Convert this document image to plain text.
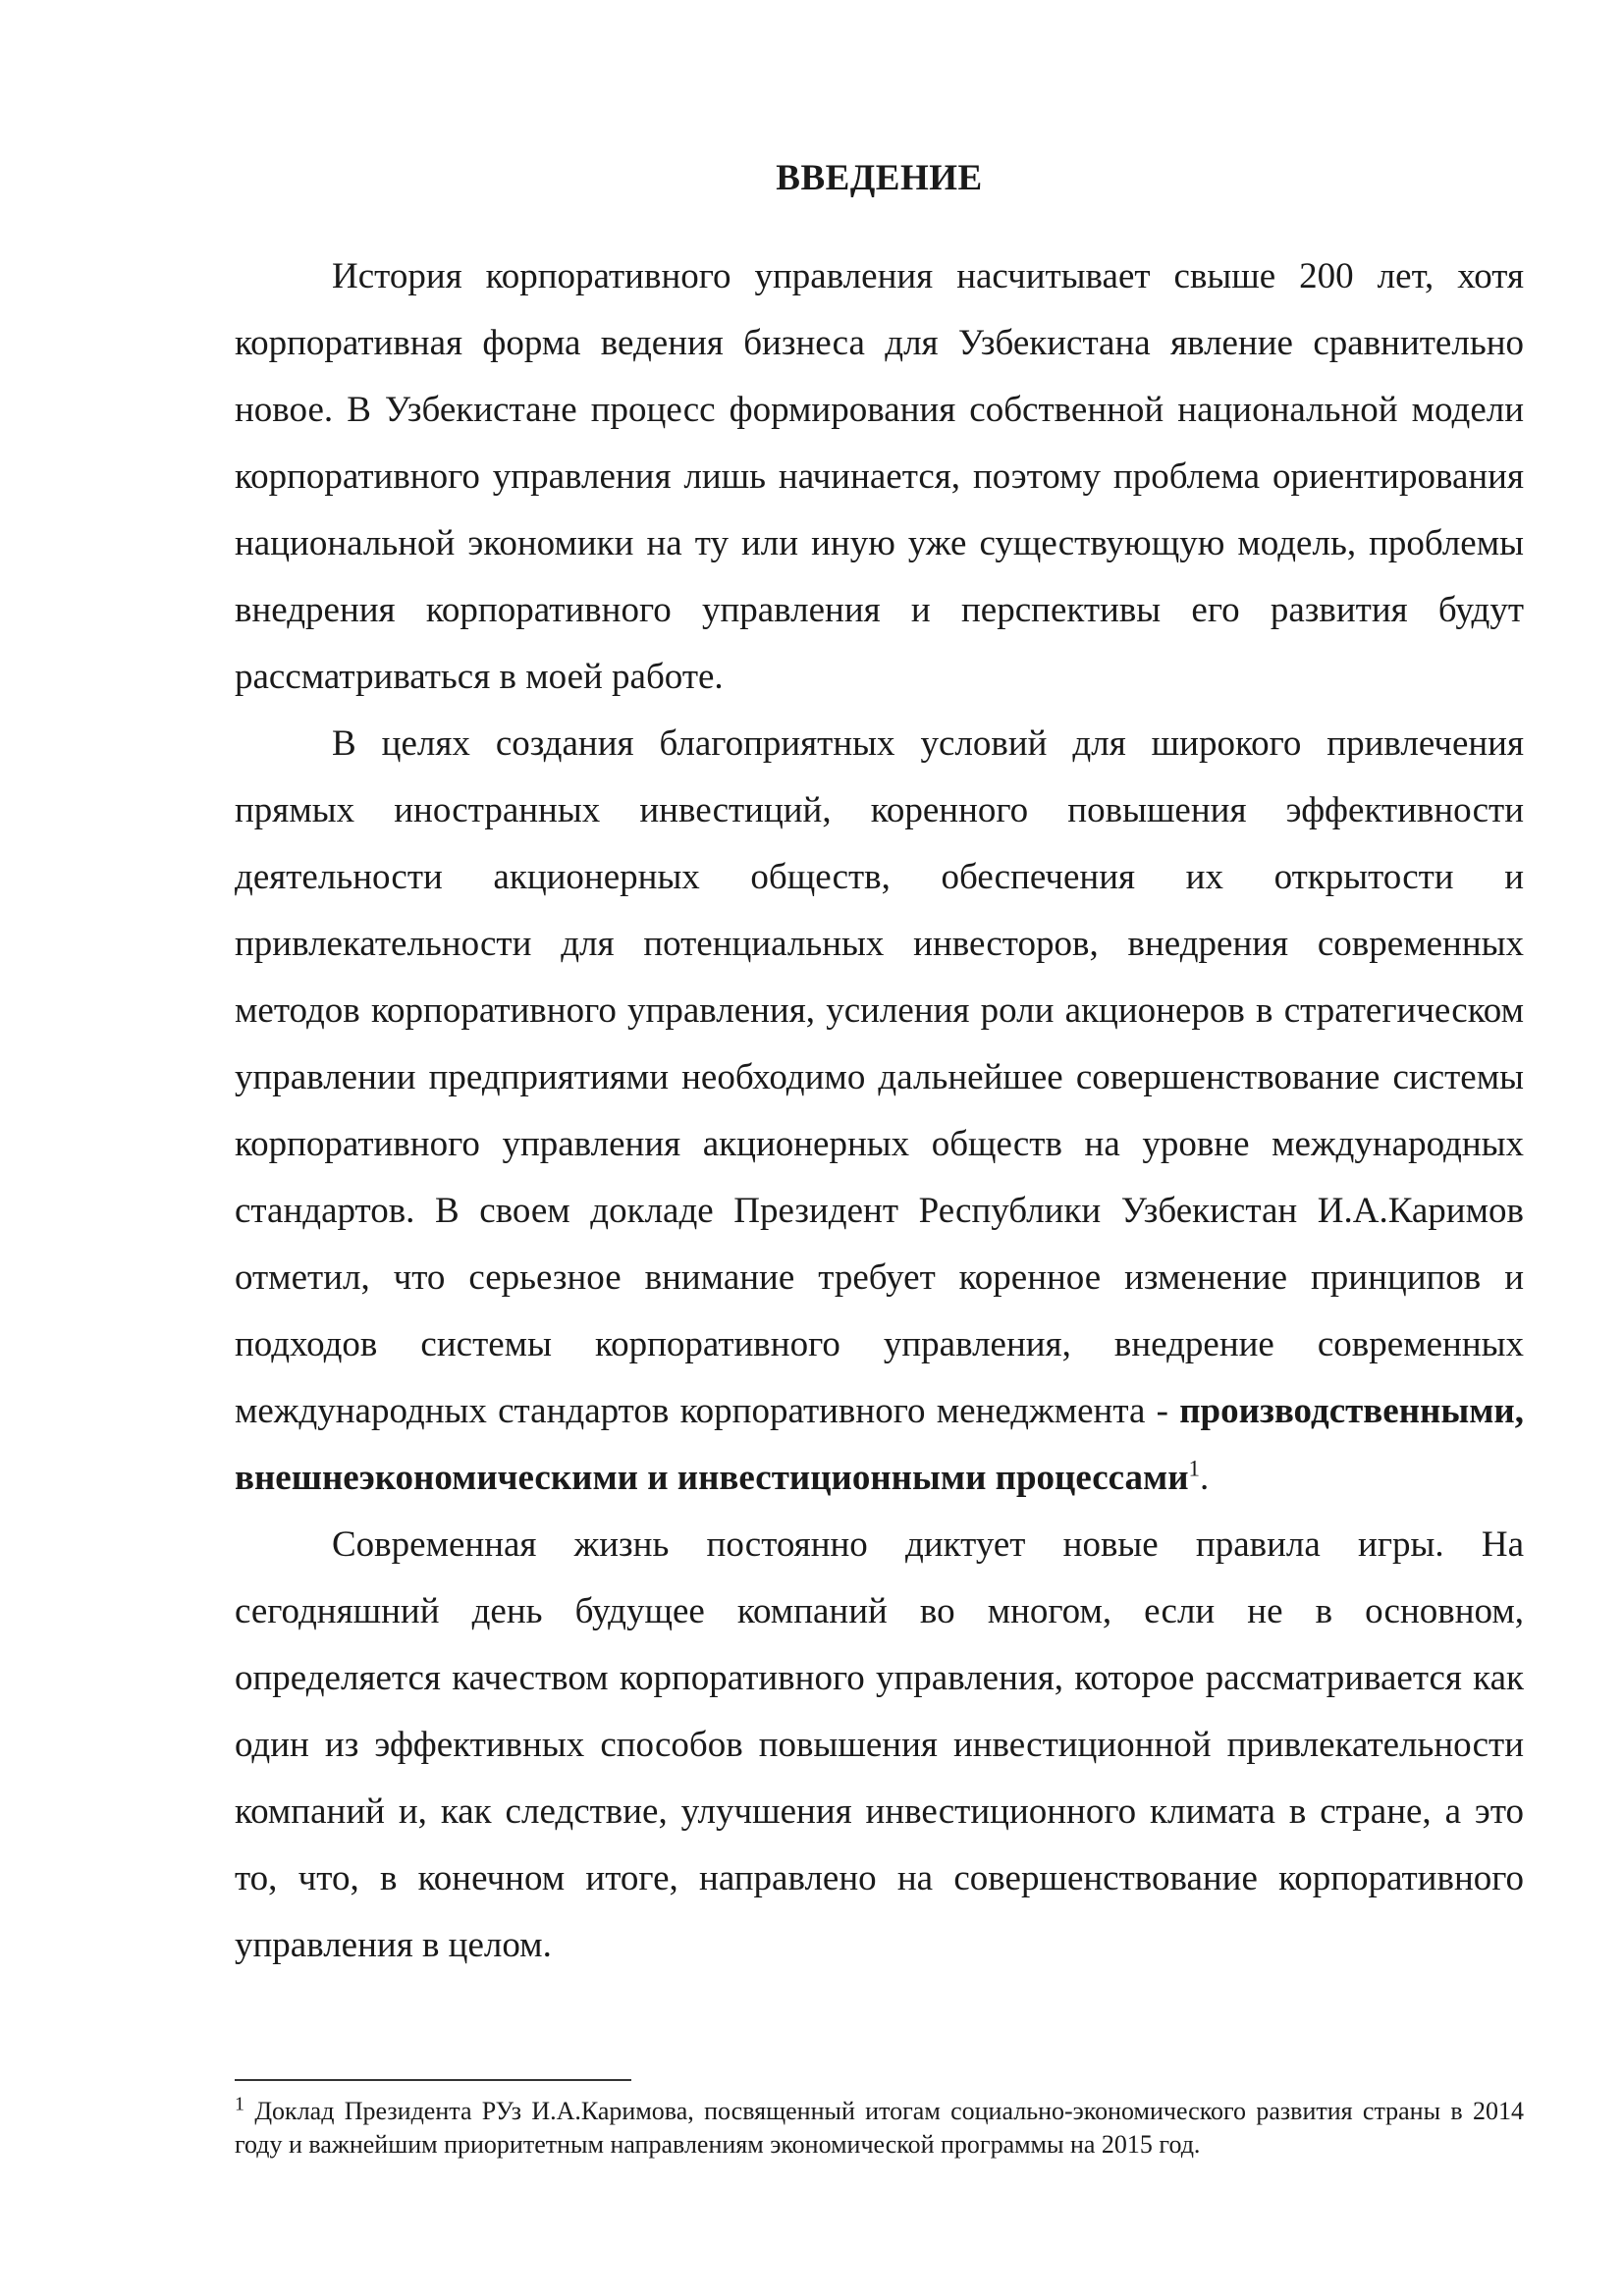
ВВЕДЕНИЕ

История корпоративного управления насчитывает свыше 200 лет, хотя корпоративная форма ведения бизнеса для Узбекистана явление сравнительно новое. В Узбекистане процесс формирования собственной национальной модели корпоративного управления лишь начинается, поэтому проблема ориентирования национальной экономики на ту или иную уже существующую модель, проблемы внедрения корпоративного управления и перспективы его развития будут рассматриваться в моей работе.

В целях создания благоприятных условий для широкого привлечения прямых иностранных инвестиций, коренного повышения эффективности деятельности акционерных обществ, обеспечения их открытости и привлекательности для потенциальных инвесторов, внедрения современных методов корпоративного управления, усиления роли акционеров в стратегическом управлении предприятиями необходимо дальнейшее совершенствование системы корпоративного управления акционерных обществ на уровне международных стандартов. В своем докладе Президент Республики Узбекистан И.А.Каримов отметил, что серьезное внимание требует коренное изменение принципов и подходов системы корпоративного управления, внедрение современных международных стандартов корпоративного менеджмента - производственными, внешнеэкономическими и инвестиционными процессами$^1$.

Современная жизнь постоянно диктует новые правила игры. На сегодняшний день будущее компаний во многом, если не в основном, определяется качеством корпоративного управления, которое рассматривается как один из эффективных способов повышения инвестиционной привлекательности компаний и, как следствие, улучшения инвестиционного климата в стране, а это то, что, в конечном итоге, направлено на совершенствование корпоративного управления в целом.

$^1$ Доклад Президента РУз И.А.Каримова, посвященный итогам социально-экономического развития страны в 2014 году и важнейшим приоритетным направлениям экономической программы на 2015 год.
